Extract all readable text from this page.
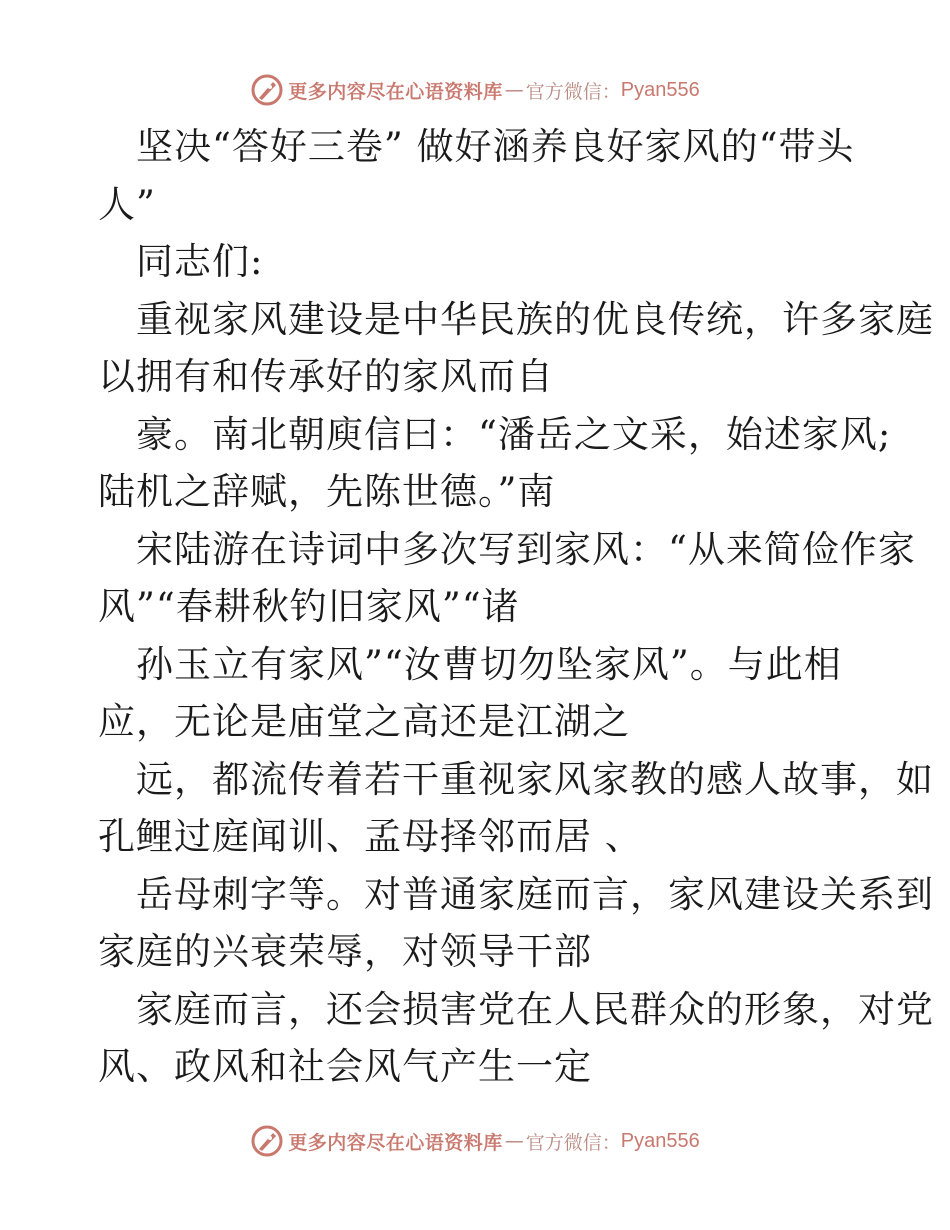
更多内容尽在心语资料库 — 官方微信： Pyan556
坚决“答好三卷” 做好涵养良好家风的“带头
人”
同志们:
重视家风建设是中华民族的优良传统，许多家庭
以拥有和传承好的家风而自
豪。南北朝庾信曰：“潘岳之文采，始述家风;
陆机之辞赋，先陈世德。”南
宋陆游在诗词中多次写到家风：“从来简俭作家
风”“春耕秋钓旧家风”“诸
孙玉立有家风”“汝曹切勿坠家风”。与此相
应，无论是庙堂之高还是江湖之
远，都流传着若干重视家风家教的感人故事，如
孔鲤过庭闻训、孟母择邻而居 、
岳母刺字等。对普通家庭而言，家风建设关系到
家庭的兴衰荣辱，对领导干部
家庭而言，还会损害党在人民群众的形象，对党
风、政风和社会风气产生一定
更多内容尽在心语资料库 — 官方微信： Pyan556
